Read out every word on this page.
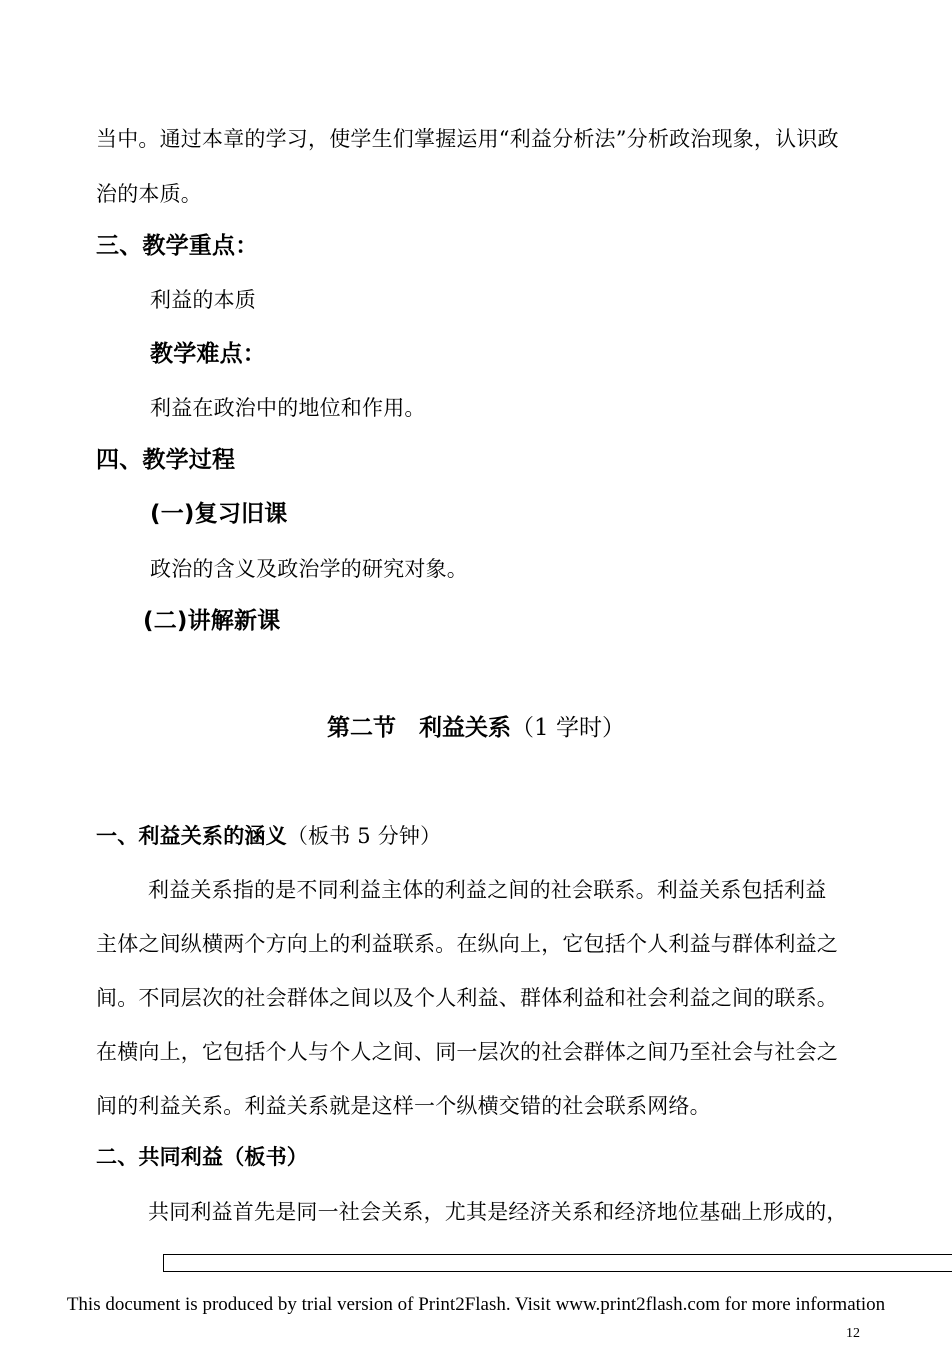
当中。通过本章的学习，使学生们掌握运用“利益分析法”分析政治现象，认识政
治的本质。
三、教学重点：
利益的本质
教学难点：
利益在政治中的地位和作用。
四、教学过程
(一)复习旧课
政治的含义及政治学的研究对象。
(二)讲解新课
第二节　利益关系（1 学时）
一、利益关系的涵义（板书 5 分钟）
利益关系指的是不同利益主体的利益之间的社会联系。利益关系包括利益
主体之间纵横两个方向上的利益联系。在纵向上，它包括个人利益与群体利益之
间。不同层次的社会群体之间以及个人利益、群体利益和社会利益之间的联系。
在横向上，它包括个人与个人之间、同一层次的社会群体之间乃至社会与社会之
间的利益关系。利益关系就是这样一个纵横交错的社会联系网络。
二、共同利益（板书）
共同利益首先是同一社会关系，尤其是经济关系和经济地位基础上形成的，
This document is produced by trial version of Print2Flash. Visit www.print2flash.com for more information
12
